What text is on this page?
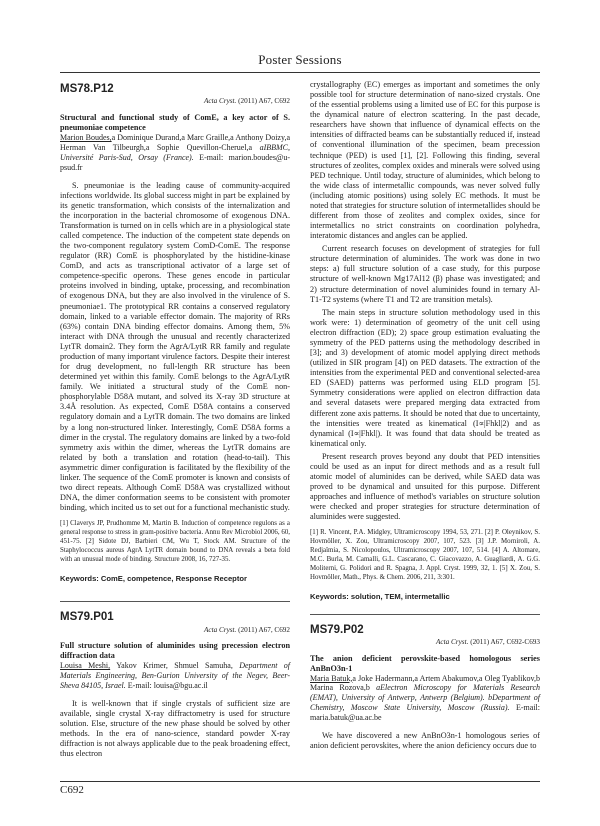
Poster Sessions
MS78.P12
Acta Cryst. (2011) A67, C692
Structural and functional study of ComE, a key actor of S. pneumoniae competence
Marion Boudes,a Dominique Durand,a Marc Graille,a Anthony Doizy,a Herman Van Tilbeurgh,a Sophie Quevillon-Cheruel,a aIBBMC, Université Paris-Sud, Orsay (France). E-mail: marion.boudes@u-psud.fr

S. pneumoniae is the leading cause of community-acquired infections worldwide. Its global success might in part be explained by its genetic transformation, which consists of the internalization and the incorporation in the bacterial chromosome of exogenous DNA. Transformation is turned on in cells which are in a physiological state called competence. The induction of the competent state depends on the two-component regulatory system ComD-ComE. The response regulator (RR) ComE is phosphorylated by the histidine-kinase ComD, and acts as transcriptional activator of a large set of competence-specific operons. These genes encode in particular proteins involved in binding, uptake, processing, and recombination of exogenous DNA, but they are also involved in the virulence of S. pneumoniae1. The prototypical RR contains a conserved regulatory domain, linked to a variable effector domain. The majority of RRs (63%) contain DNA binding effector domains. Among them, 5% interact with DNA through the unusual and recently characterized LytTR domain2. They form the AgrA/LytR RR family and regulate production of many important virulence factors. Despite their interest for drug development, no full-length RR structure has been determined yet within this family. ComE belongs to the AgrA/LytR family. We initiated a structural study of the ComE non-phosphorylable D58A mutant, and solved its X-ray 3D structure at 3.4Å resolution. As expected, ComE D58A contains a conserved regulatory domain and a LytTR domain. The two domains are linked by a long non-structured linker. Interestingly, ComE D58A forms a dimer in the crystal. The regulatory domains are linked by a two-fold symmetry axis within the dimer, whereas the LytTR domains are related by both a translation and rotation (head-to-tail). This asymmetric dimer configuration is facilitated by the flexibility of the linker. The sequence of the ComE promoter is known and consists of two direct repeats. Although ComE D58A was crystallized without DNA, the dimer conformation seems to be consistent with promoter binding, which incited us to set out for a functional mechanistic study.

[1] Claverys JP, Prudhomme M, Martin B. Induction of competence regulons as a general response to stress in gram-positive bacteria. Annu Rev Microbiol 2006, 60, 451-75. [2] Sidote DJ, Barbieri CM, Wu T, Stock AM. Structure of the Staphylococcus aureus AgrA LytTR domain bound to DNA reveals a beta fold with an unusual mode of binding. Structure 2008, 16, 727-35.
Keywords: ComE, competence, Response Receptor
MS79.P01
Acta Cryst. (2011) A67, C692
Full structure solution of aluminides using precession electron diffraction data
Louisa Meshi, Yakov Krimer, Shmuel Samuha, Department of Materials Engineering, Ben-Gurion University of the Negev, Beer-Sheva 84105, Israel. E-mail: louisa@bgu.ac.il

It is well-known that if single crystals of sufficient size are available, single crystal X-ray diffractometry is used for structure solution. Else, structure of the new phase should be solved by other methods. In the era of nano-science, standard powder X-ray diffraction is not always applicable due to the peak broadening effect, thus electron

crystallography (EC) emerges as important and sometimes the only possible tool for structure determination of nano-sized crystals. One of the essential problems using a limited use of EC for this purpose is the dynamical nature of electron scattering. In the past decade, researchers have shown that influence of dynamical effects on the intensities of diffracted beams can be substantially reduced if, instead of conventional illumination of the specimen, beam precession technique (PED) is used [1], [2]. Following this finding, several structures of zeolites, complex oxides and minerals were solved using PED technique. Until today, structure of aluminides, which belong to the wide class of intermetallic compounds, was never solved fully (including atomic positions) using solely EC methods. It must be noted that strategies for structure solution of intermetallides should be different from those of zeolites and complex oxides, since for intermetallics no strict constraints on coordination polyhedra, interatomic distances and angles can be applied.

Current research focuses on development of strategies for full structure determination of aluminides. The work was done in two steps: a) full structure solution of a case study, for this purpose structure of well-known Mg17Al12 (β) phase was investigated; and 2) structure determination of novel aluminides found in ternary Al-T1-T2 systems (where T1 and T2 are transition metals).

The main steps in structure solution methodology used in this work were: 1) determination of geometry of the unit cell using electron diffraction (ED); 2) space group estimation evaluating the symmetry of the PED patterns using the methodology described in [3]; and 3) development of atomic model applying direct methods (utilized in SIR program [4]) on PED datasets. The extraction of the intensities from the experimental PED and conventional selected-area ED (SAED) patterns was performed using ELD program [5]. Symmetry considerations were applied on electron diffraction data and several datasets were prepared merging data extracted from different zone axis patterns. It should be noted that due to uncertainty, the intensities were treated as kinematical (I∝|Fhkl|2) and as dynamical (I∝|Fhkl|). It was found that data should be treated as kinematical only.

Present research proves beyond any doubt that PED intensities could be used as an input for direct methods and as a result full atomic model of aluminides can be derived, while SAED data was proved to be dynamical and unsuited for this purpose. Different approaches and influence of method's variables on structure solution were checked and proper strategies for structure determination of aluminides were suggested.

[1] R. Vincent, P.A. Midgley, Ultramicroscopy 1994, 53, 271. [2] P. Oleynikov, S. Hovmöller, X. Zou, Ultramicroscopy 2007, 107, 523. [3] J.P. Morniroli, A. Redjaïmia, S. Nicolopoulos, Ultramicroscopy 2007, 107, 514. [4] A. Altomare, M.C. Burla, M. Camalli, G.L. Cascarano, C. Giacovazzo, A. Guagliardi, A. G.G. Moliterni, G. Polidori and R. Spagna, J. Appl. Cryst. 1999, 32, 1. [5] X. Zou, S. Hovmöller, Math., Phys. & Chem. 2006, 211, 3:301.
Keywords: solution, TEM, intermetallic
MS79.P02
Acta Cryst. (2011) A67, C692-C693
The anion deficient perovskite-based homologous series AnBnO3n-1
Maria Batuk,a Joke Hadermann,a Artem Abakumov,a Oleg Tyablikov,b Marina Rozova,b aElectron Microscopy for Materials Research (EMAT), University of Antwerp, Antwerp (Belgium). bDepartment of Chemistry, Moscow State University, Moscow (Russia). E-mail: maria.batuk@ua.ac.be

We have discovered a new AnBnO3n-1 homologous series of anion deficient perovskites, where the anion deficiency occurs due to

C692
